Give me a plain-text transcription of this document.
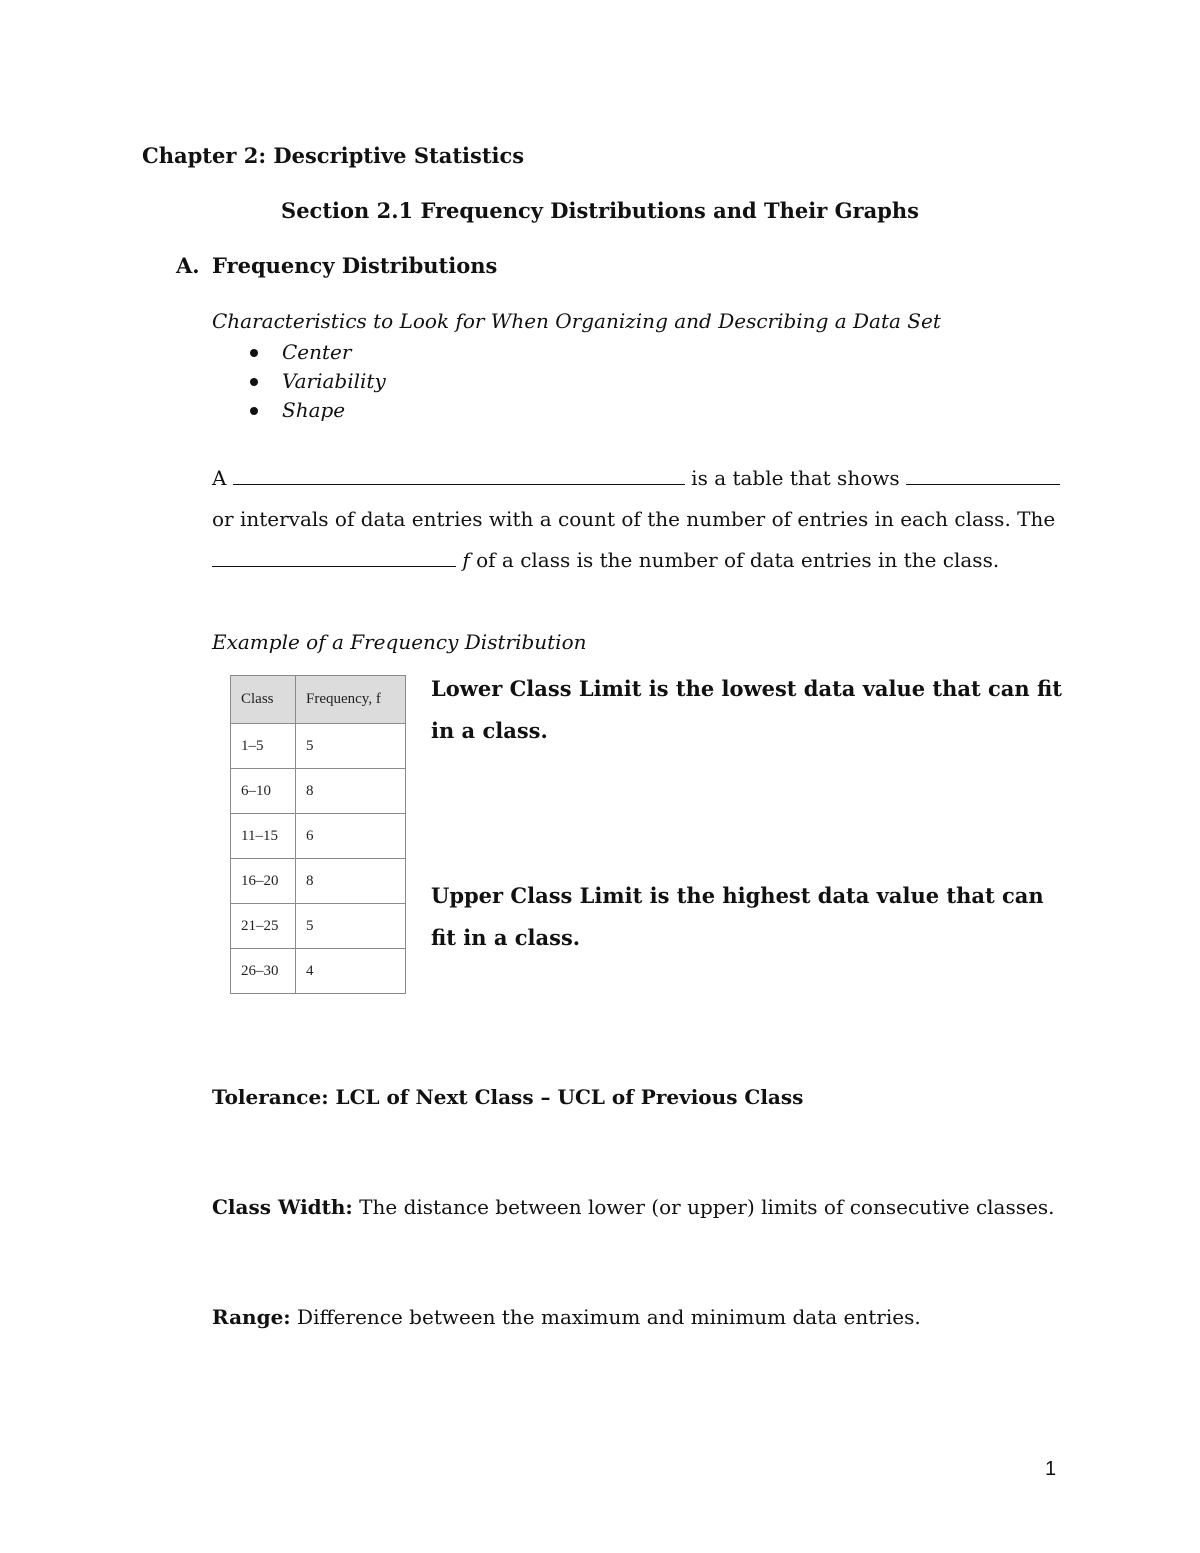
Chapter 2: Descriptive Statistics
Section 2.1 Frequency Distributions and Their Graphs
A. Frequency Distributions
Characteristics to Look for When Organizing and Describing a Data Set
Center
Variability
Shape
A	is a table that shows
or intervals of data entries with a count of the number of entries in each class. The
f of a class is the number of data entries in the class.
Example of a Frequency Distribution
Class	Frequency, f
1–5	5
6–10	8
11–15	6
16–20	8
21–25	5
26–30	4
Lower Class Limit is the lowest data value that can fit in a class.
Upper Class Limit is the highest data value that can fit in a class.
Tolerance: LCL of Next Class – UCL of Previous Class
Class Width: The distance between lower (or upper) limits of consecutive classes.
Range: Difference between the maximum and minimum data entries.
1
